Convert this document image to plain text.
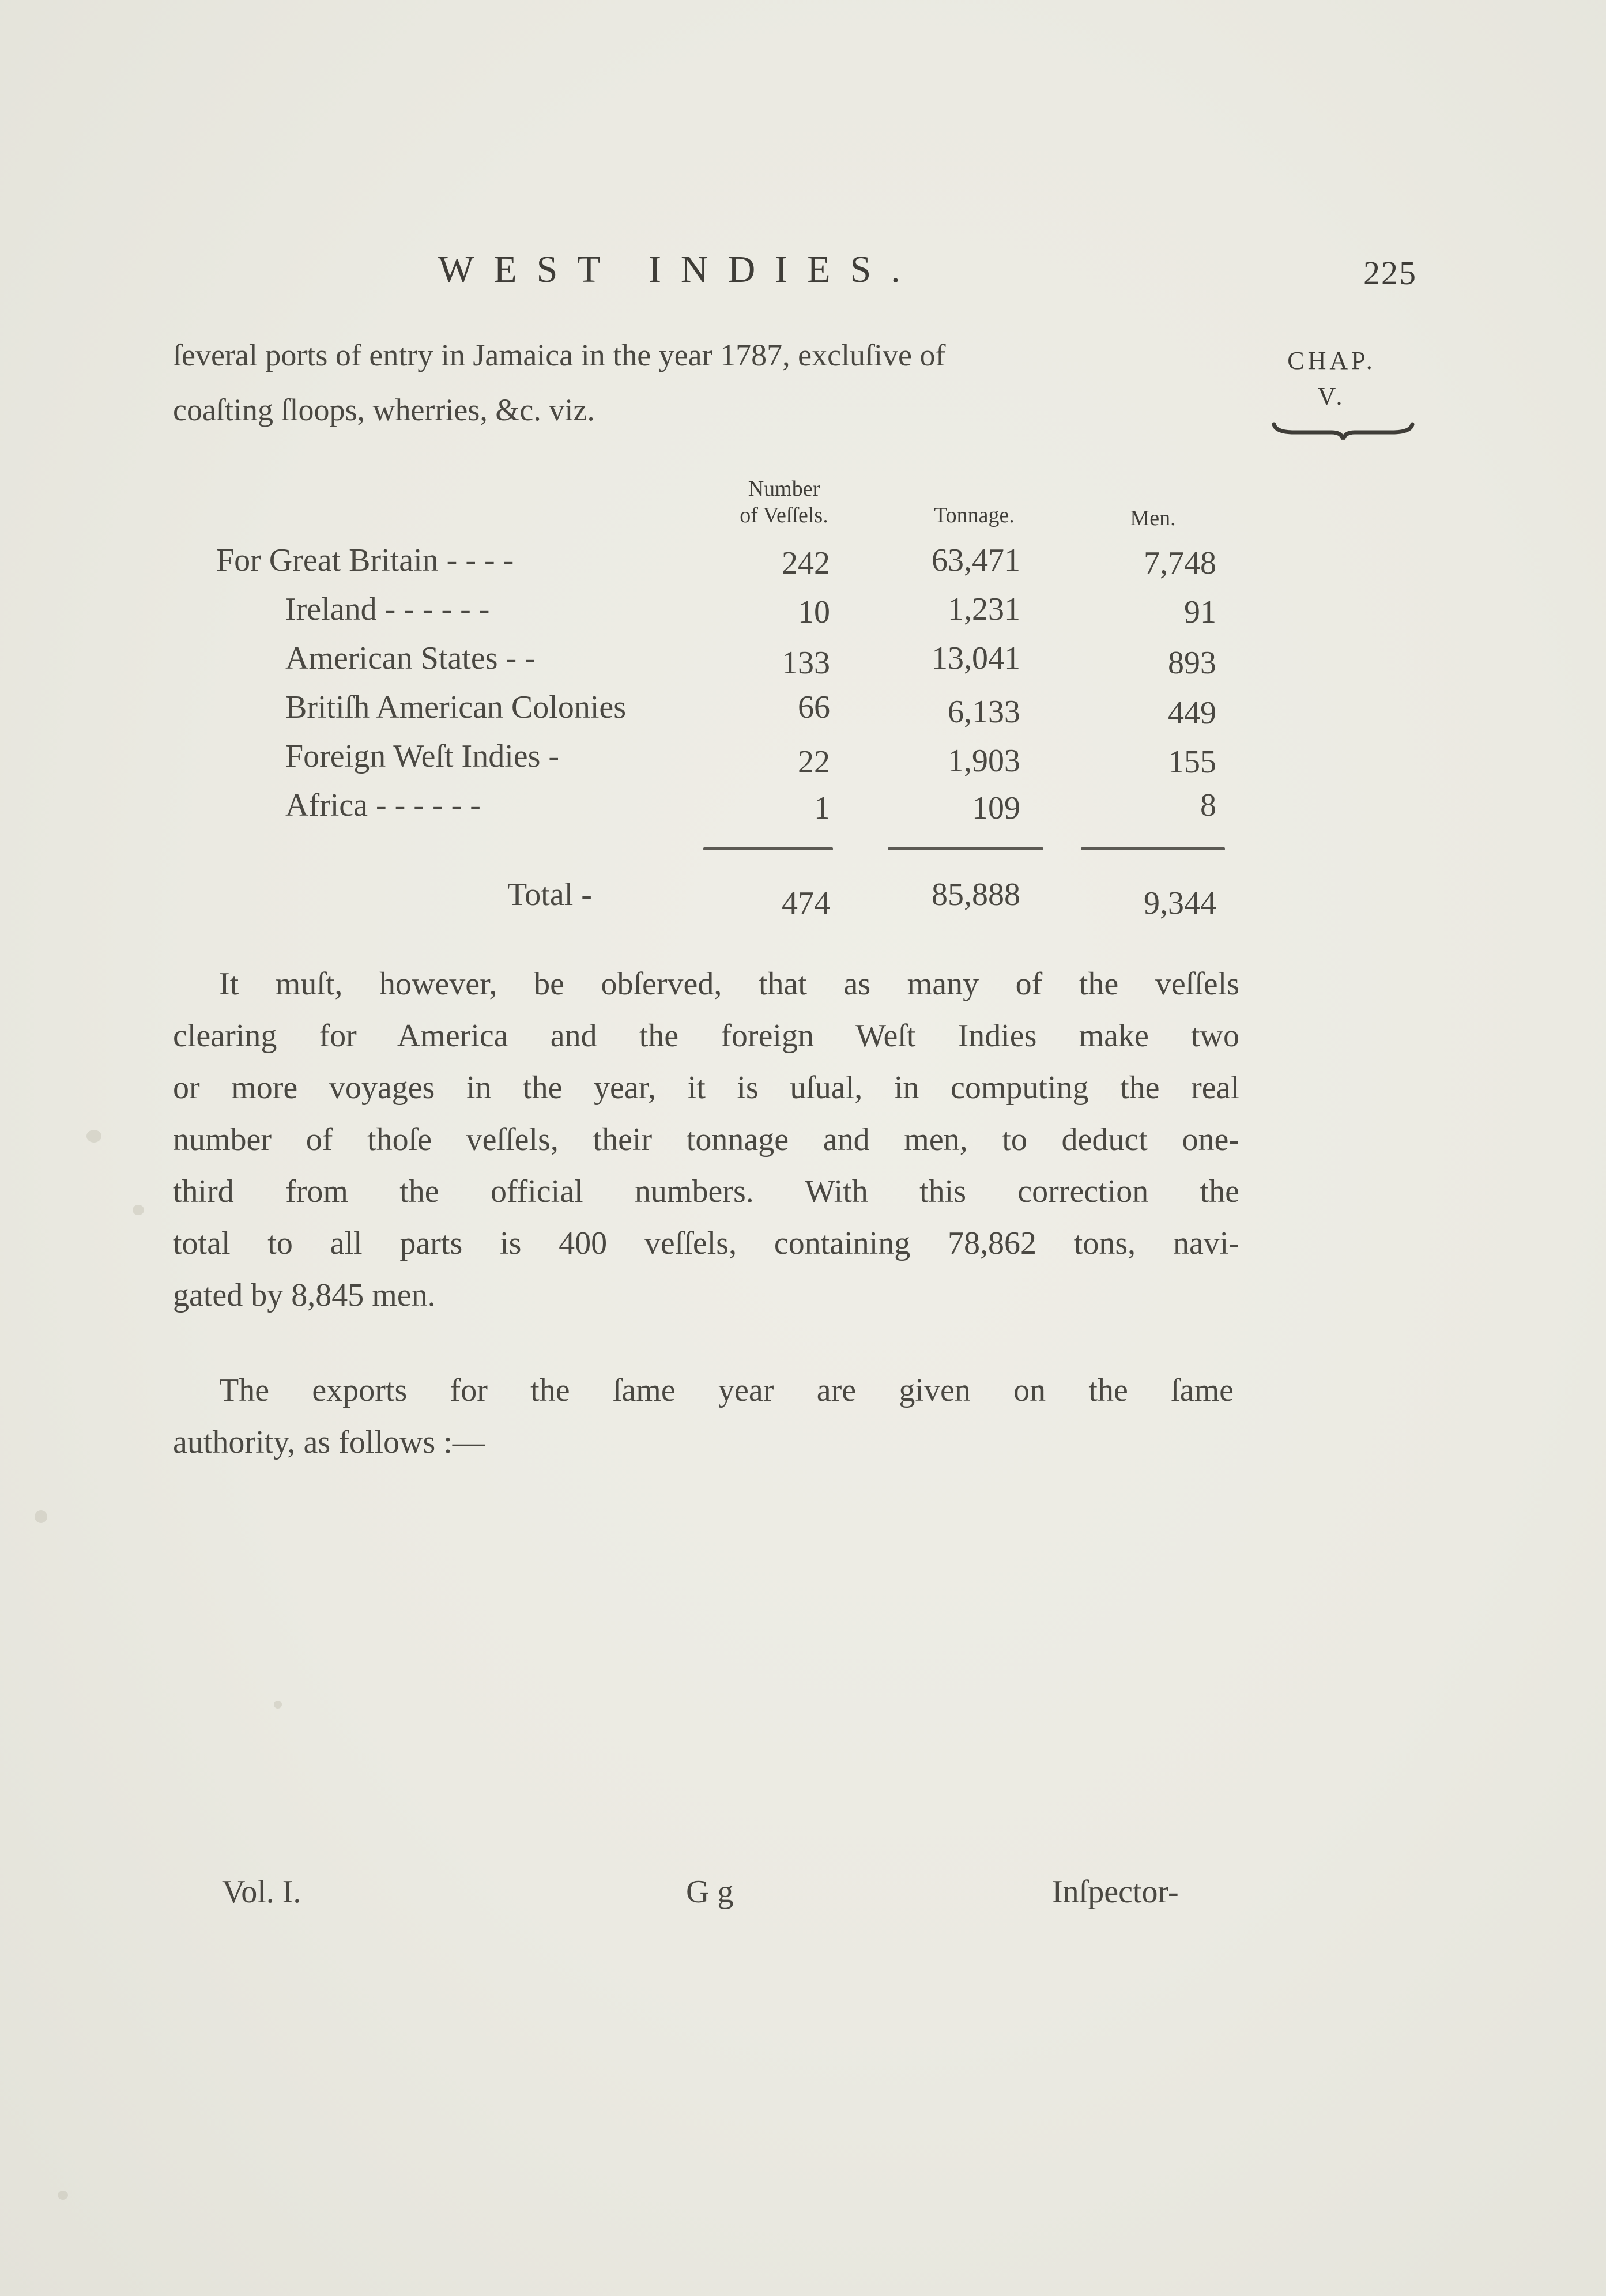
WEST INDIES.	225
CHAP.
V.
ſeveral ports of entry in Jamaica in the year 1787, excluſive of
coaſting ſloops, wherries, &c. viz.
Number
of Veſſels.	Tonnage.	Men.
For Great Britain - - - -	242	63,471	7,748
Ireland - - - - - -	10	1,231	91
American States - -	133	13,041	893
Britiſh American Colonies	66	6,133	449
Foreign Weſt Indies -	22	1,903	155
Africa - - - - - -	1	109	8
Total -	474	85,888	9,344
It muſt, however, be obſerved, that as many of the veſſels
clearing for America and the foreign Weſt Indies make two
or more voyages in the year, it is uſual, in computing the real
number of thoſe veſſels, their tonnage and men, to deduct one-
third from the official numbers. With this correction the
total to all parts is 400 veſſels, containing 78,862 tons, navi-
gated by 8,845 men.
The exports for the ſame year are given on the ſame
authority, as follows :—
Vol. I.	G g	Inſpector-
